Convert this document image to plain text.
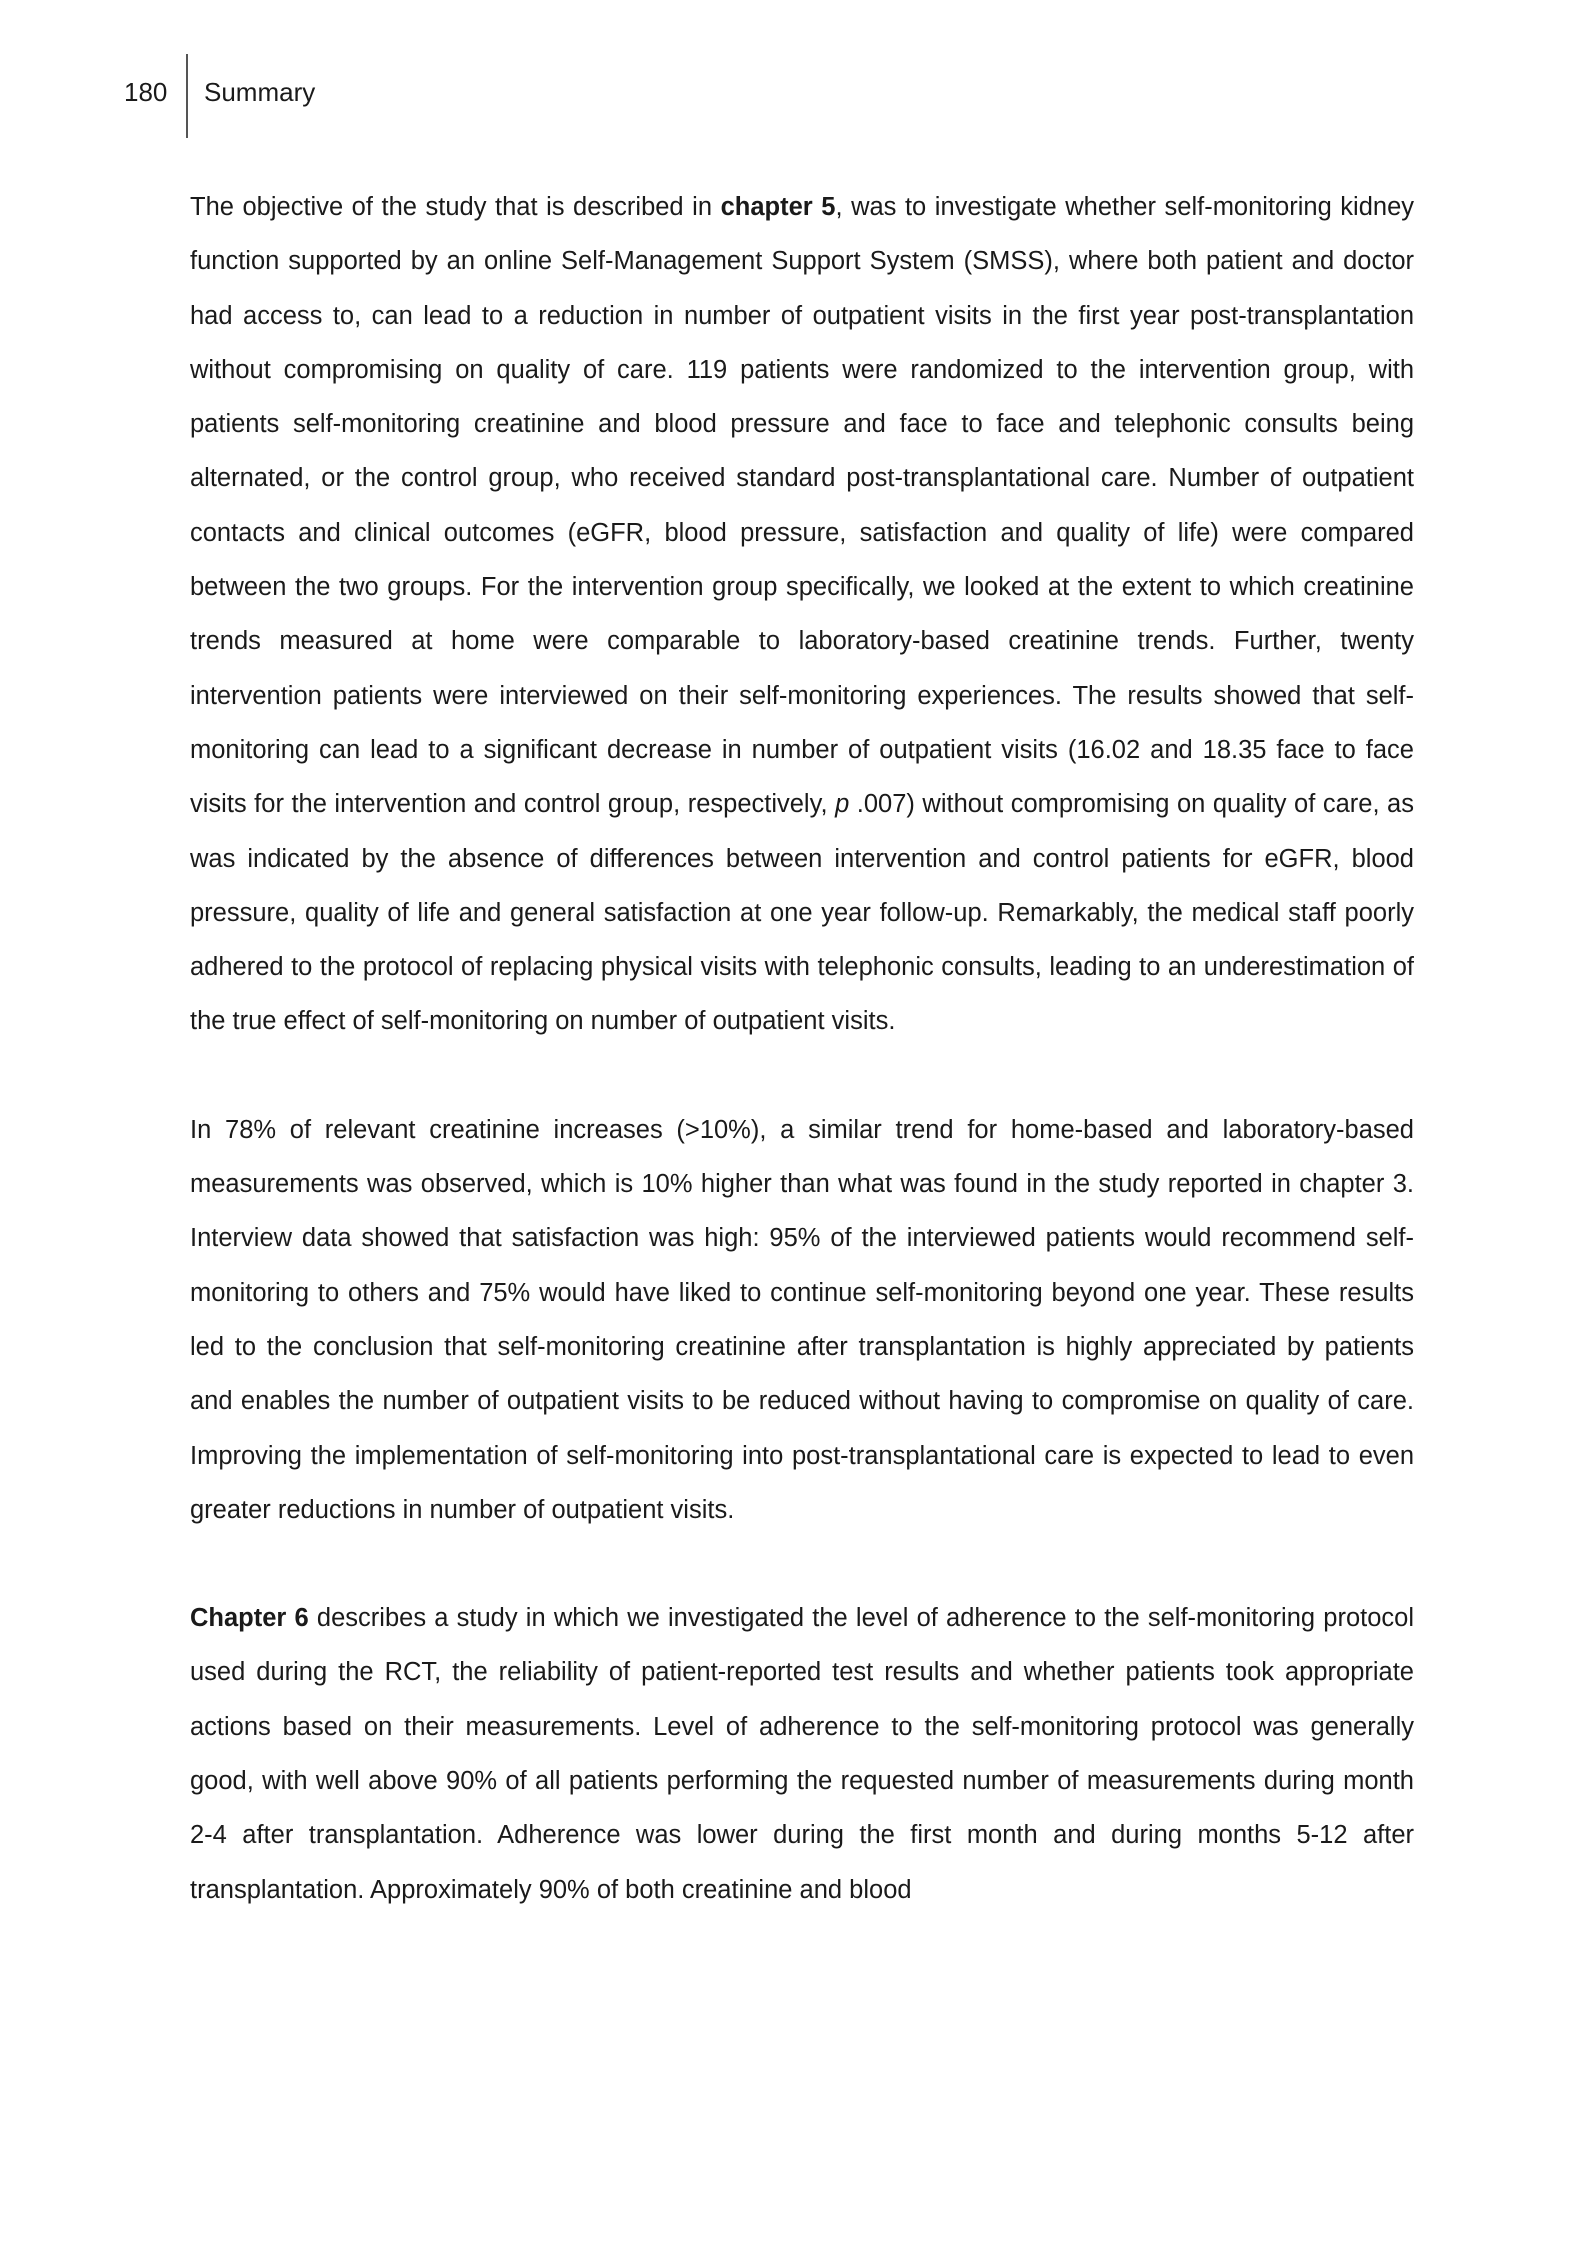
180 Summary

The objective of the study that is described in chapter 5, was to investigate whether self-monitoring kidney function supported by an online Self-Management Support System (SMSS), where both patient and doctor had access to, can lead to a reduction in number of outpatient visits in the first year post-transplantation without compromising on quality of care. 119 patients were randomized to the intervention group, with patients self-monitoring creatinine and blood pressure and face to face and telephonic consults being alternated, or the control group, who received standard post-transplantational care. Number of outpatient contacts and clinical outcomes (eGFR, blood pressure, satisfaction and quality of life) were compared between the two groups. For the intervention group specifically, we looked at the extent to which creatinine trends measured at home were comparable to laboratory-based creatinine trends. Further, twenty intervention patients were interviewed on their self-monitoring experiences. The results showed that self-monitoring can lead to a significant decrease in number of outpatient visits (16.02 and 18.35 face to face visits for the intervention and control group, respectively, p .007) without compromising on quality of care, as was indicated by the absence of differences between intervention and control patients for eGFR, blood pressure, quality of life and general satisfaction at one year follow-up. Remarkably, the medical staff poorly adhered to the protocol of replacing physical visits with telephonic consults, leading to an underestimation of the true effect of self-monitoring on number of outpatient visits.

In 78% of relevant creatinine increases (>10%), a similar trend for home-based and laboratory-based measurements was observed, which is 10% higher than what was found in the study reported in chapter 3. Interview data showed that satisfaction was high: 95% of the interviewed patients would recommend self-monitoring to others and 75% would have liked to continue self-monitoring beyond one year. These results led to the conclusion that self-monitoring creatinine after transplantation is highly appreciated by patients and enables the number of outpatient visits to be reduced without having to compromise on quality of care. Improving the implementation of self-monitoring into post-transplantational care is expected to lead to even greater reductions in number of outpatient visits.

Chapter 6 describes a study in which we investigated the level of adherence to the self-monitoring protocol used during the RCT, the reliability of patient-reported test results and whether patients took appropriate actions based on their measurements. Level of adherence to the self-monitoring protocol was generally good, with well above 90% of all patients performing the requested number of measurements during month 2-4 after transplantation. Adherence was lower during the first month and during months 5-12 after transplantation. Approximately 90% of both creatinine and blood
